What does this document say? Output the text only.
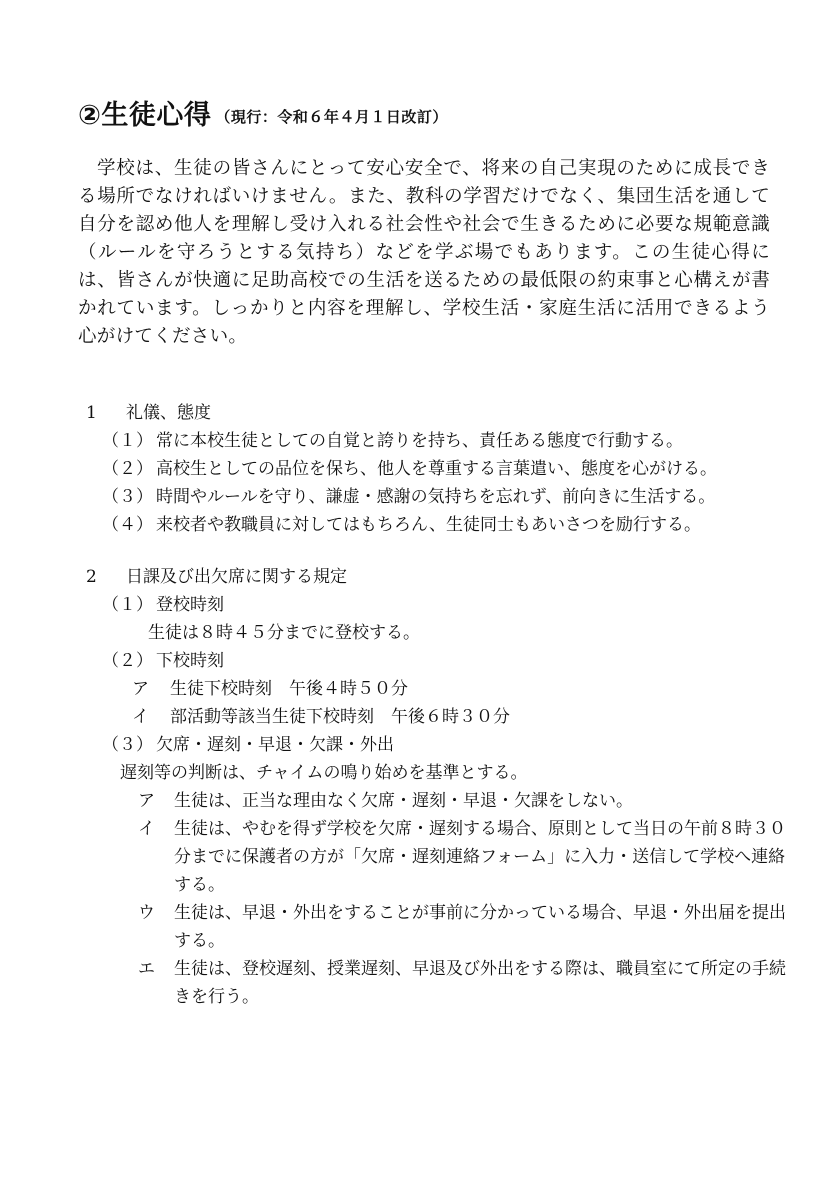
②生徒心得 （現行：令和６年４月１日改訂）

学校は、生徒の皆さんにとって安心安全で、将来の自己実現のために成長できる場所でなければいけません。また、教科の学習だけでなく、集団生活を通して自分を認め他人を理解し受け入れる社会性や社会で生きるために必要な規範意識（ルールを守ろうとする気持ち）などを学ぶ場でもあります。この生徒心得には、皆さんが快適に足助高校での生活を送るための最低限の約束事と心構えが書かれています。しっかりと内容を理解し、学校生活・家庭生活に活用できるよう心がけてください。

1 礼儀、態度
（１） 常に本校生徒としての自覚と誇りを持ち、責任ある態度で行動する。
（２） 高校生としての品位を保ち、他人を尊重する言葉遣い、態度を心がける。
（３） 時間やルールを守り、謙虚・感謝の気持ちを忘れず、前向きに生活する。
（４） 来校者や教職員に対してはもちろん、生徒同士もあいさつを励行する。
2 日課及び出欠席に関する規定
（１） 登校時刻
生徒は８時４５分までに登校する。
（２） 下校時刻
ア 生徒下校時刻　午後４時５０分
イ 部活動等該当生徒下校時刻　午後６時３０分
（３） 欠席・遅刻・早退・欠課・外出
遅刻等の判断は、チャイムの鳴り始めを基準とする。
ア 生徒は、正当な理由なく欠席・遅刻・早退・欠課をしない。
イ 生徒は、やむを得ず学校を欠席・遅刻する場合、原則として当日の午前８時３０分までに保護者の方が「欠席・遅刻連絡フォーム」に入力・送信して学校へ連絡する。
ウ 生徒は、早退・外出をすることが事前に分かっている場合、早退・外出届を提出する。
エ 生徒は、登校遅刻、授業遅刻、早退及び外出をする際は、職員室にて所定の手続きを行う。
